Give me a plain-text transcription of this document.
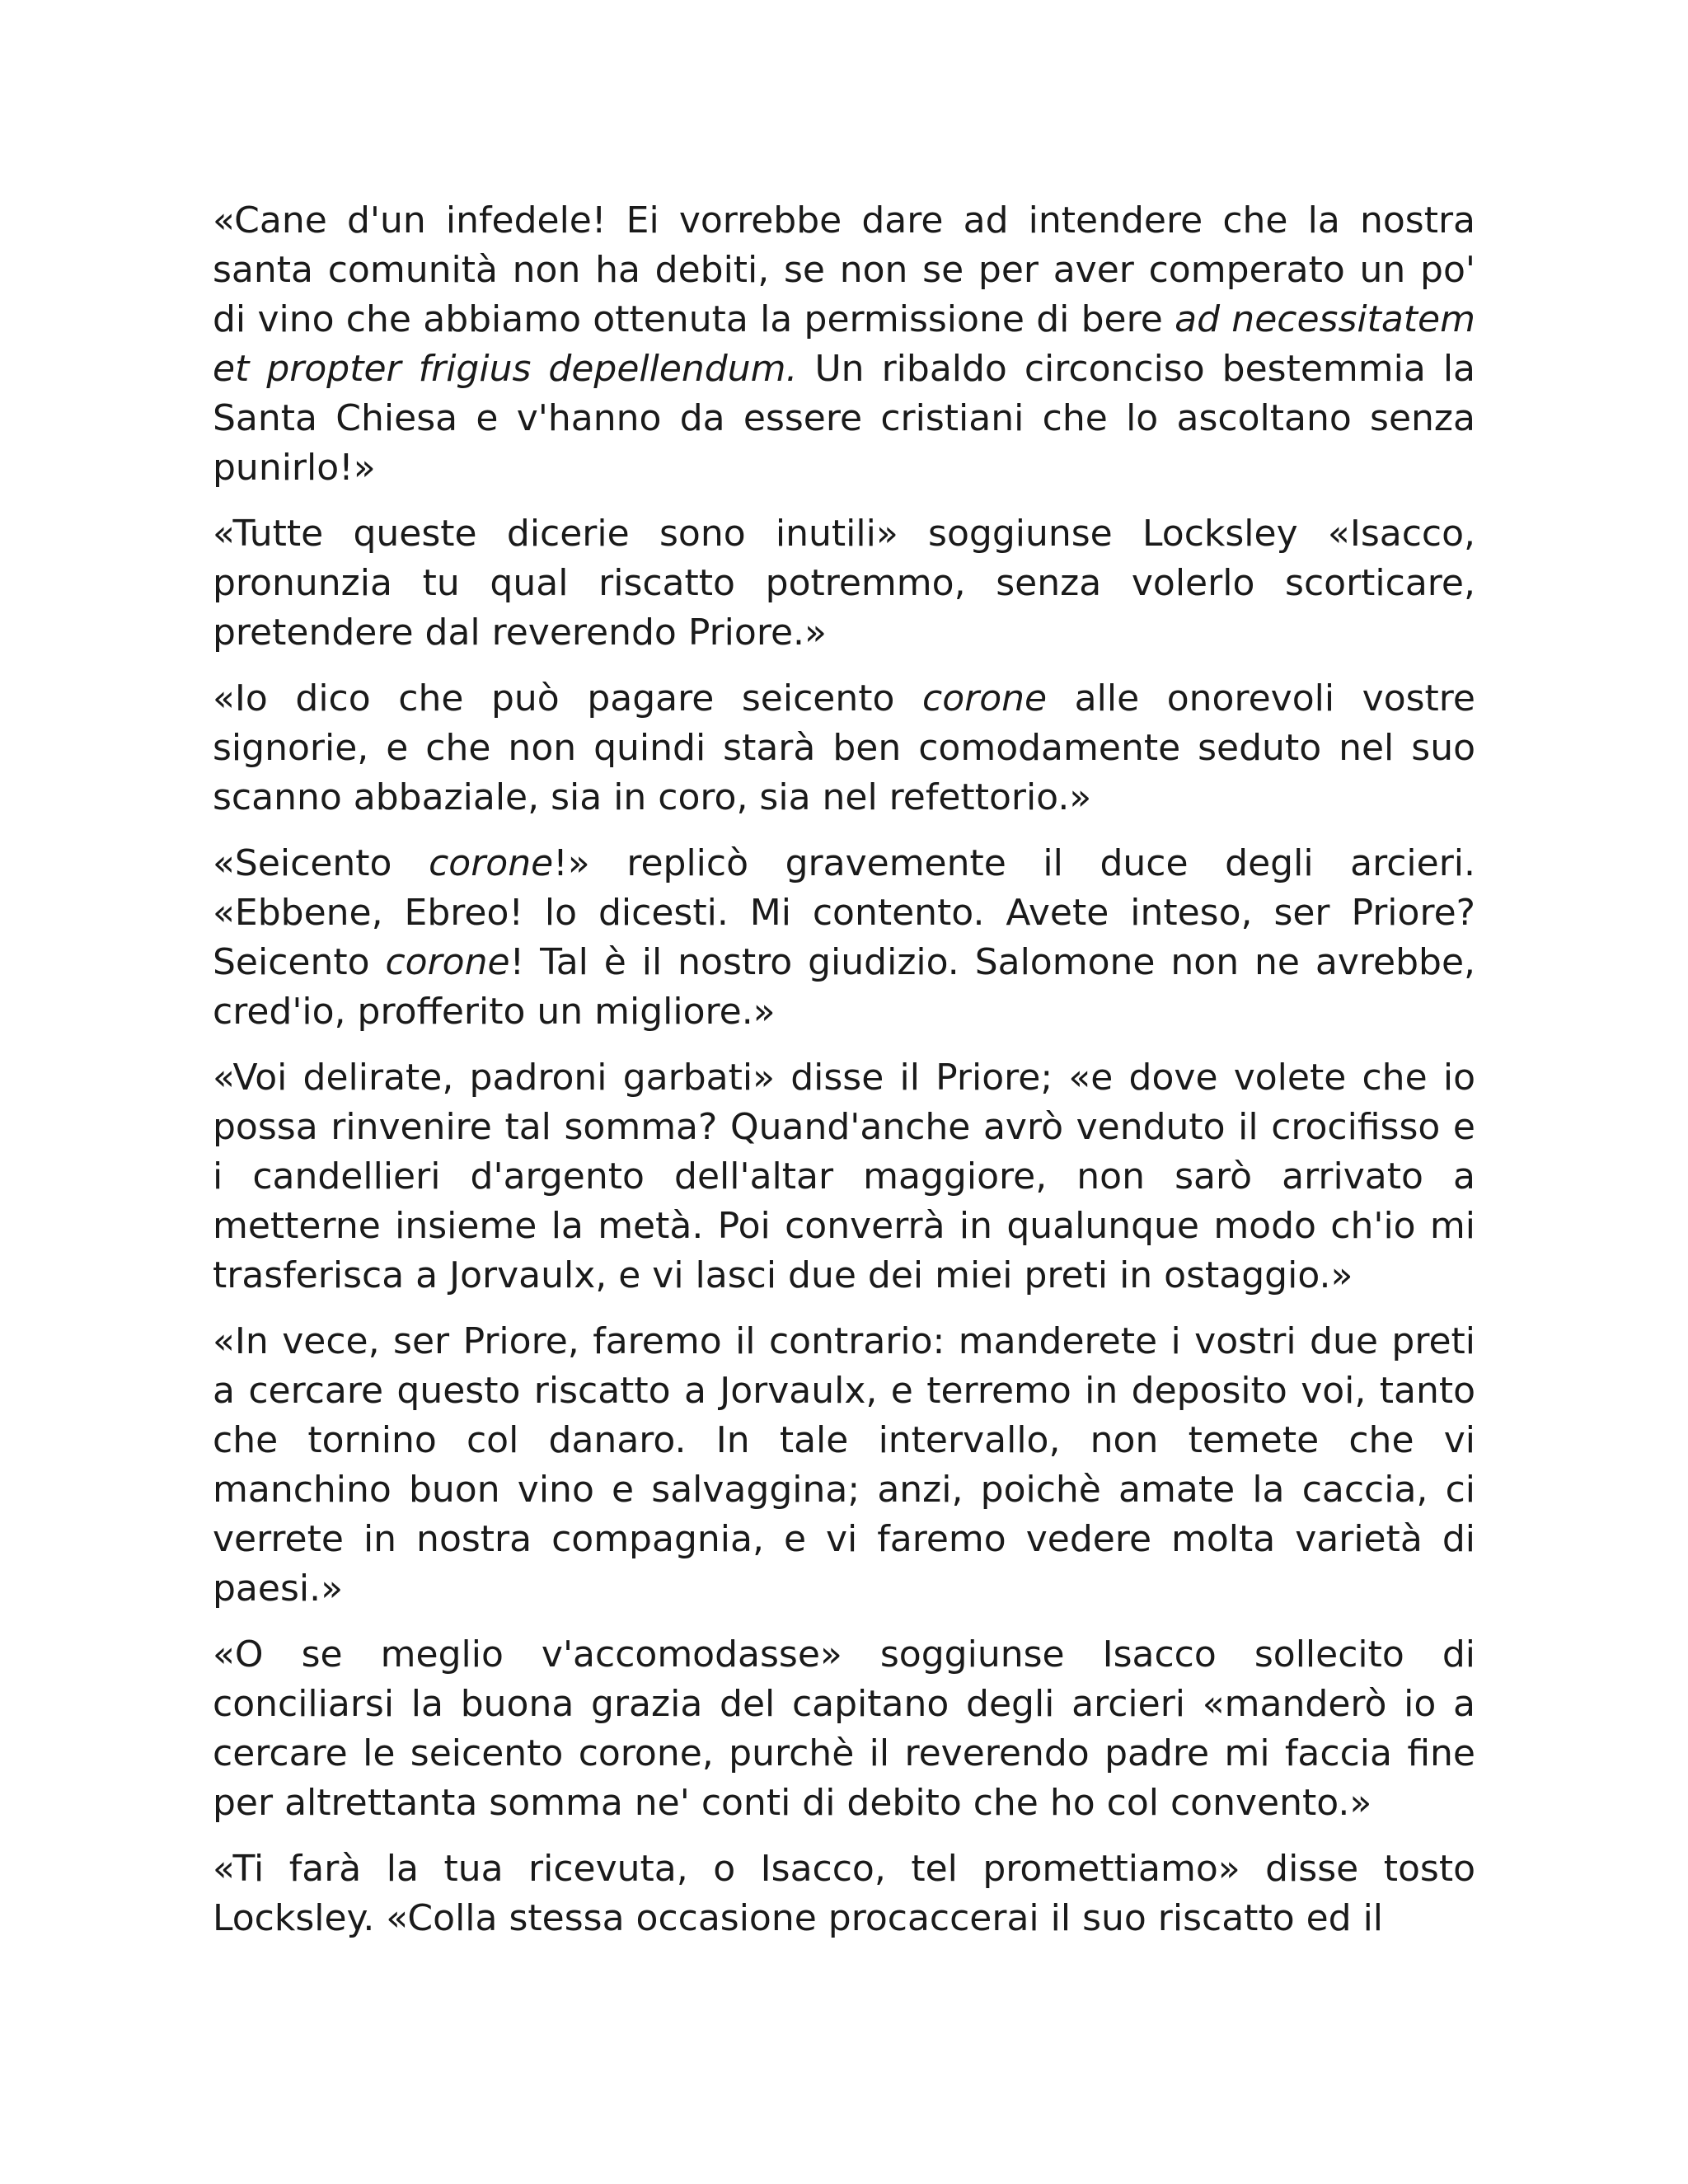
«Cane d'un infedele! Ei vorrebbe dare ad intendere che la nostra santa comunità non ha debiti, se non se per aver comperato un po' di vino che abbiamo ottenuta la permissione di bere ad necessitatem et propter frigius depellendum. Un ribaldo circonciso bestemmia la Santa Chiesa e v'hanno da essere cristiani che lo ascoltano senza punirlo!»

«Tutte queste dicerie sono inutili» soggiunse Locksley «Isacco, pronunzia tu qual riscatto potremmo, senza volerlo scorticare, pretendere dal reverendo Priore.»

«Io dico che può pagare seicento corone alle onorevoli vostre signorie, e che non quindi starà ben comodamente seduto nel suo scanno abbaziale, sia in coro, sia nel refettorio.»

«Seicento corone!» replicò gravemente il duce degli arcieri. «Ebbene, Ebreo! lo dicesti. Mi contento. Avete inteso, ser Priore? Seicento corone! Tal è il nostro giudizio. Salomone non ne avrebbe, cred'io, profferito un migliore.»

«Voi delirate, padroni garbati» disse il Priore; «e dove volete che io possa rinvenire tal somma? Quand'anche avrò venduto il crocifisso e i candellieri d'argento dell'altar maggiore, non sarò arrivato a metterne insieme la metà. Poi converrà in qualunque modo ch'io mi trasferisca a Jorvaulx, e vi lasci due dei miei preti in ostaggio.»

«In vece, ser Priore, faremo il contrario: manderete i vostri due preti a cercare questo riscatto a Jorvaulx, e terremo in deposito voi, tanto che tornino col danaro. In tale intervallo, non temete che vi manchino buon vino e salvaggina; anzi, poichè amate la caccia, ci verrete in nostra compagnia, e vi faremo vedere molta varietà di paesi.»

«O se meglio v'accomodasse» soggiunse Isacco sollecito di conciliarsi la buona grazia del capitano degli arcieri «manderò io a cercare le seicento corone, purchè il reverendo padre mi faccia fine per altrettanta somma ne' conti di debito che ho col convento.»

«Ti farà la tua ricevuta, o Isacco, tel promettiamo» disse tosto Locksley. «Colla stessa occasione procaccerai il suo riscatto ed il
